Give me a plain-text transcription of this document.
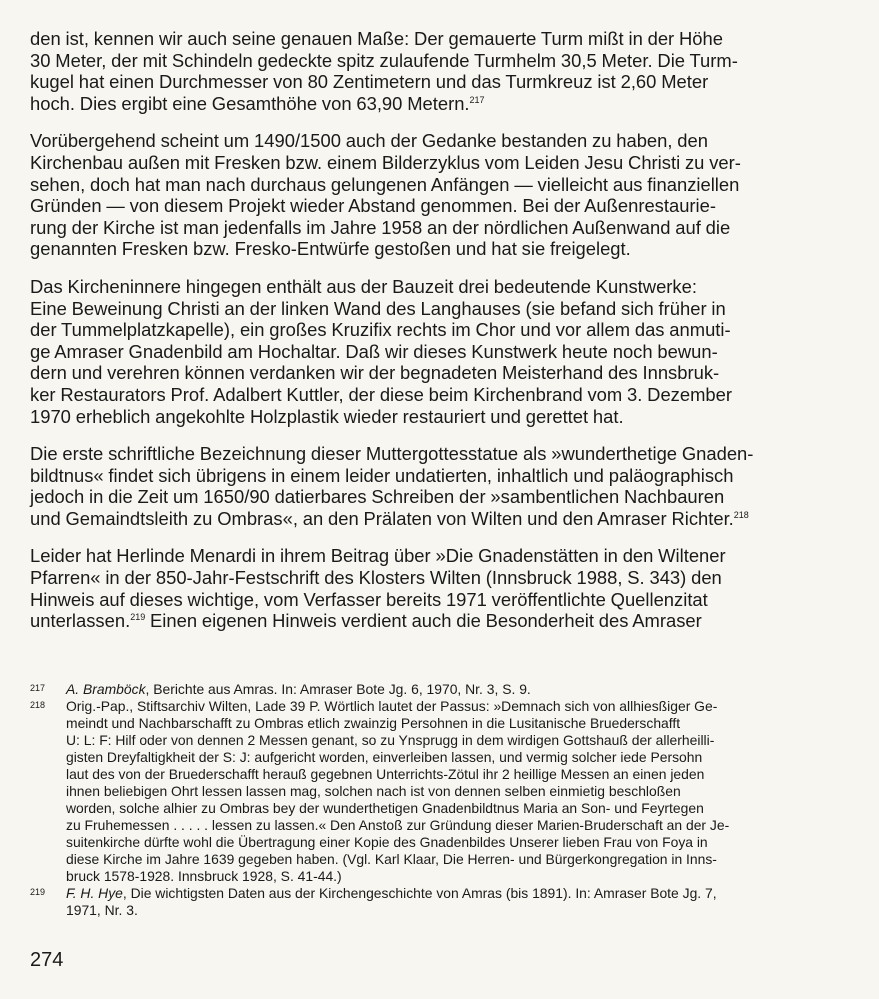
den ist, kennen wir auch seine genauen Maße: Der gemauerte Turm mißt in der Höhe
30 Meter, der mit Schindeln gedeckte spitz zulaufende Turmhelm 30,5 Meter. Die Turm-
kugel hat einen Durchmesser von 80 Zentimetern und das Turmkreuz ist 2,60 Meter
hoch. Dies ergibt eine Gesamthöhe von 63,90 Metern.$^{217}$

Vorübergehend scheint um 1490/1500 auch der Gedanke bestanden zu haben, den
Kirchenbau außen mit Fresken bzw. einem Bilderzyklus vom Leiden Jesu Christi zu ver-
sehen, doch hat man nach durchaus gelungenen Anfängen — vielleicht aus finanziellen
Gründen — von diesem Projekt wieder Abstand genommen. Bei der Außenrestaurie-
rung der Kirche ist man jedenfalls im Jahre 1958 an der nördlichen Außenwand auf die
genannten Fresken bzw. Fresko-Entwürfe gestoßen und hat sie freigelegt.

Das Kircheninnere hingegen enthält aus der Bauzeit drei bedeutende Kunstwerke:
Eine Beweinung Christi an der linken Wand des Langhauses (sie befand sich früher in
der Tummelplatzkapelle), ein großes Kruzifix rechts im Chor und vor allem das anmuti-
ge Amraser Gnadenbild am Hochaltar. Daß wir dieses Kunstwerk heute noch bewun-
dern und verehren können verdanken wir der begnadeten Meisterhand des Innsbruk-
ker Restaurators Prof. Adalbert Kuttler, der diese beim Kirchenbrand vom 3. Dezember
1970 erheblich angekohlte Holzplastik wieder restauriert und gerettet hat.

Die erste schriftliche Bezeichnung dieser Muttergottesstatue als »wunderthetige Gnaden-
bildtnus« findet sich übrigens in einem leider undatierten, inhaltlich und paläographisch
jedoch in die Zeit um 1650/90 datierbares Schreiben der »sambentlichen Nachbauren
und Gemaindtsleith zu Ombras«, an den Prälaten von Wilten und den Amraser Richter.$^{218}$

Leider hat Herlinde Menardi in ihrem Beitrag über »Die Gnadenstätten in den Wiltener
Pfarren« in der 850-Jahr-Festschrift des Klosters Wilten (Innsbruck 1988, S. 343) den
Hinweis auf dieses wichtige, vom Verfasser bereits 1971 veröffentlichte Quellenzitat
unterlassen.$^{219}$ Einen eigenen Hinweis verdient auch die Besonderheit des Amraser

217 A. Bramböck, Berichte aus Amras. In: Amraser Bote Jg. 6, 1970, Nr. 3, S. 9.

218 Orig.-Pap., Stiftsarchiv Wilten, Lade 39 P. Wörtlich lautet der Passus: »Demnach sich von allhiesßiger Ge-
meindt und Nachbarschafft zu Ombras etlich zwainzig Persohnen in die Lusitanische Bruederschafft
U: L: F: Hilf oder von dennen 2 Messen genant, so zu Ynsprugg in dem wirdigen Gottshauß der allerheilli-
gisten Dreyfaltigkheit der S: J: aufgericht worden, einverleiben lassen, und vermig solcher iede Persohn
laut des von der Bruederschafft herauß gegebnen Unterrichts-Zötul ihr 2 heillige Messen an einen jeden
ihnen beliebigen Ohrt lessen lassen mag, solchen nach ist von dennen selben einmietig beschloßen
worden, solche alhier zu Ombras bey der wunderthetigen Gnadenbildtnus Maria an Son- und Feyrtegen
zu Fruhemessen . . . . . lessen zu lassen.« Den Anstoß zur Gründung dieser Marien-Bruderschaft an der Je-
suitenkirche dürfte wohl die Übertragung einer Kopie des Gnadenbildes Unserer lieben Frau von Foya in
diese Kirche im Jahre 1639 gegeben haben. (Vgl. Karl Klaar, Die Herren- und Bürgerkongregation in Inns-
bruck 1578-1928. Innsbruck 1928, S. 41-44.)

219 F. H. Hye, Die wichtigsten Daten aus der Kirchengeschichte von Amras (bis 1891). In: Amraser Bote Jg. 7,
1971, Nr. 3.

274
